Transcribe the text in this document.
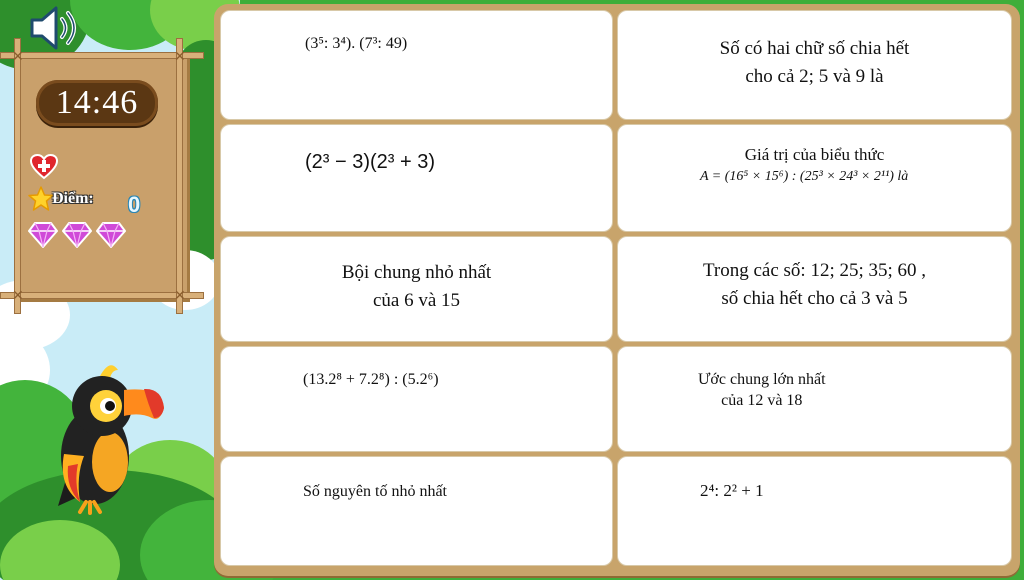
✕	✕
✕	✕
14:46
Điểm: 0
(3⁵: 3⁴). (7³: 49)	Số có hai chữ số chia hết
cho cả 2; 5 và 9 là
(2³ − 3)(2³ + 3)	Giá trị của biểu thức
A = (16⁵ × 15⁶) : (25³ × 24³ × 2¹¹) là
Bội chung nhỏ nhất
của 6 và 15
Trong các số: 12; 25; 35; 60 ,
số chia hết cho cả 3 và 5
(13.2⁸ + 7.2⁸) : (5.2⁶)	Ước chung lớn nhất
của 12 và 18
Số nguyên tố nhỏ nhất	2⁴: 2² + 1
